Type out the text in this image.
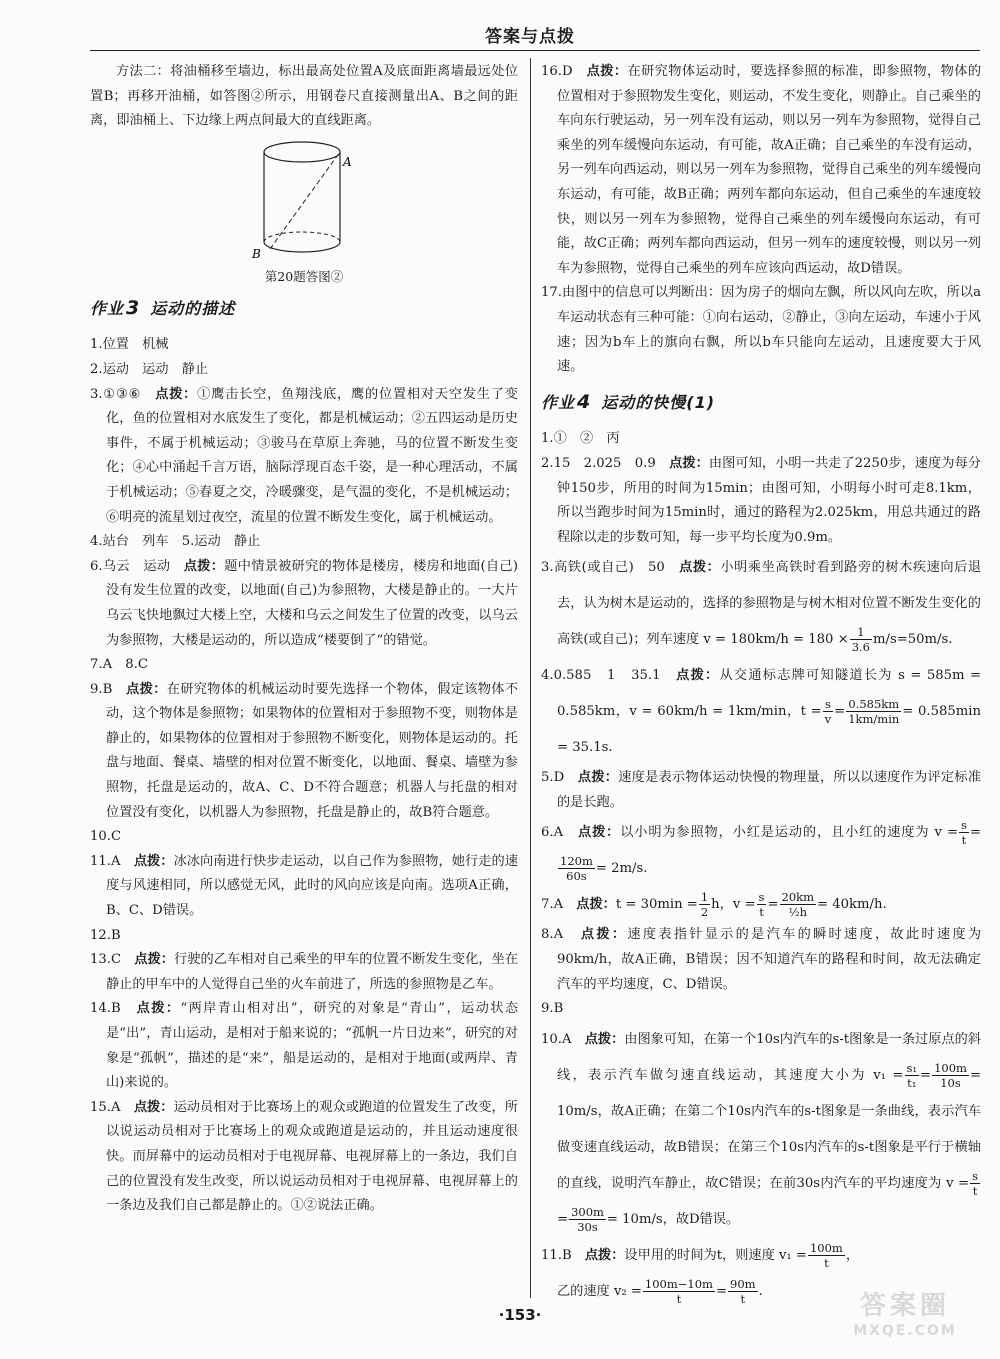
答案与点拨

方法二：将油桶移至墙边，标出最高处位置A及底面距离墙最远处位置B；再移开油桶，如答图②所示，用钢卷尺直接测量出A、B之间的距离，即油桶上、下边缘上两点间最大的直线距离。

A
B
第20题答图②
作业 3 运动的描述

1.位置　机械

2.运动　运动　静止

3.①③⑥　点拨：①鹰击长空，鱼翔浅底，鹰的位置相对天空发生了变化，鱼的位置相对水底发生了变化，都是机械运动；②五四运动是历史事件，不属于机械运动；③骏马在草原上奔驰，马的位置不断发生变化；④心中涌起千言万语，脑际浮现百态千姿，是一种心理活动，不属于机械运动；⑤春夏之交，冷暖骤变，是气温的变化，不是机械运动；⑥明亮的流星划过夜空，流星的位置不断发生变化，属于机械运动。

4.站台　列车　5.运动　静止

6.乌云　运动　点拨：题中情景被研究的物体是楼房，楼房和地面(自己)没有发生位置的改变，以地面(自己)为参照物，大楼是静止的。一大片乌云飞快地飘过大楼上空，大楼和乌云之间发生了位置的改变，以乌云为参照物，大楼是运动的，所以造成“楼要倒了”的错觉。

7.A　8.C

9.B　点拨：在研究物体的机械运动时要先选择一个物体，假定该物体不动，这个物体是参照物；如果物体的位置相对于参照物不变，则物体是静止的，如果物体的位置相对于参照物不断变化，则物体是运动的。托盘与地面、餐桌、墙壁的相对位置不断变化，以地面、餐桌、墙壁为参照物，托盘是运动的，故A、C、D不符合题意；机器人与托盘的相对位置没有变化，以机器人为参照物，托盘是静止的，故B符合题意。

10.C

11.A　点拨：冰冰向南进行快步走运动，以自己作为参照物，她行走的速度与风速相同，所以感觉无风，此时的风向应该是向南。选项A正确，B、C、D错误。

12.B

13.C　点拨：行驶的乙车相对自己乘坐的甲车的位置不断发生变化，坐在静止的甲车中的人觉得自己坐的火车前进了，所选的参照物是乙车。

14.B　点拨：“两岸青山相对出”，研究的对象是“青山”，运动状态是“出”，青山运动，是相对于船来说的；“孤帆一片日边来”，研究的对象是“孤帆”，描述的是“来”，船是运动的，是相对于地面(或两岸、青山)来说的。

15.A　点拨：运动员相对于比赛场上的观众或跑道的位置发生了改变，所以说运动员相对于比赛场上的观众或跑道是运动的，并且运动速度很快。而屏幕中的运动员相对于电视屏幕、电视屏幕上的一条边，我们自己的位置没有发生改变，所以说运动员相对于电视屏幕、电视屏幕上的一条边及我们自己都是静止的。①②说法正确。

16.D　点拨：在研究物体运动时，要选择参照的标准，即参照物，物体的位置相对于参照物发生变化，则运动，不发生变化，则静止。自己乘坐的车向东行驶运动，另一列车没有运动，则以另一列车为参照物，觉得自己乘坐的列车缓慢向东运动，有可能，故A正确；自己乘坐的车没有运动，另一列车向西运动，则以另一列车为参照物，觉得自己乘坐的列车缓慢向东运动，有可能，故B正确；两列车都向东运动，但自己乘坐的车速度较快，则以另一列车为参照物，觉得自己乘坐的列车缓慢向东运动，有可能，故C正确；两列车都向西运动，但另一列车的速度较慢，则以另一列车为参照物，觉得自己乘坐的列车应该向西运动，故D错误。

17.由图中的信息可以判断出：因为房子的烟向左飘，所以风向左吹，所以a车运动状态有三种可能：①向右运动，②静止，③向左运动，车速小于风速；因为b车上的旗向右飘，所以b车只能向左运动，且速度要大于风速。

作业 4 运动的快慢(1)

1.①　②　丙

2.15　2.025　0.9　点拨：由图可知，小明一共走了2250步，速度为每分钟150步，所用的时间为15min；由图可知，小明每小时可走8.1km，所以当跑步时间为15min时，通过的路程为2.025km，用总共通过的路程除以走的步数可知，每一步平均长度为0.9m。

3.高铁(或自己)　50　点拨：小明乘坐高铁时看到路旁的树木疾速向后退去，认为树木是运动的，选择的参照物是与树木相对位置不断发生变化的高铁(或自己)；列车速度 $v = 180km/h = 180 \times \frac{1}{3.6} m/s=50m/s$.

4.0.585　1　35.1　点拨：从交通标志牌可知隧道长为 s = 585m = 0.585km，v = 60km/h = 1km/min，$t = \frac{s}{v} = \frac{0.585km}{1km/\min} = 0.585\min = 35.1s$.

5.D　点拨：速度是表示物体运动快慢的物理量，所以以速度作为评定标准的是长跑。

6.A　点拨：以小明为参照物，小红是运动的，且小红的速度为 $v = \frac{s}{t}$ =
$\frac{120m}{60s} = 2m/s$.

7.A　点拨：$t = 30\min = \frac{1}{2}$ h，$v = \frac{s}{t} = \frac{20km}{\text{½h}} = 40km/h$.

8.A　点拨：速度表指针显示的是汽车的瞬时速度，故此时速度为90km/h，故A正确，B错误；因不知道汽车的路程和时间，故无法确定汽车的平均速度，C、D错误。

9.B

10.A　点拨：由图象可知，在第一个10s内汽车的s-t图象是一条过原点的斜线，表示汽车做匀速直线运动，其速度大小为 $v_1 = \frac{\text{s₁}}{\text{t₁}} = \frac{100m}{10s} = 10m/s$，故A正确；在第二个10s内汽车的s-t图象是一条曲线，表示汽车做变速直线运动，故B错误；在第三个10s内汽车的s-t图象是平行于横轴的直线，说明汽车静止，故C错误；在前30s内汽车的平均速度为 $v = \frac{s}{t}$
= $\frac{300m}{30s} = 10m/s$，故D错误。

11.B　点拨：设甲用的时间为t，则速度 $v_1 = \frac{100m}{t}$ ，
乙的速度 $v_2 = \frac{100m-10m}{t} = \frac{90m}{t}$ .

·153·	答案圈
MXQE.COM
